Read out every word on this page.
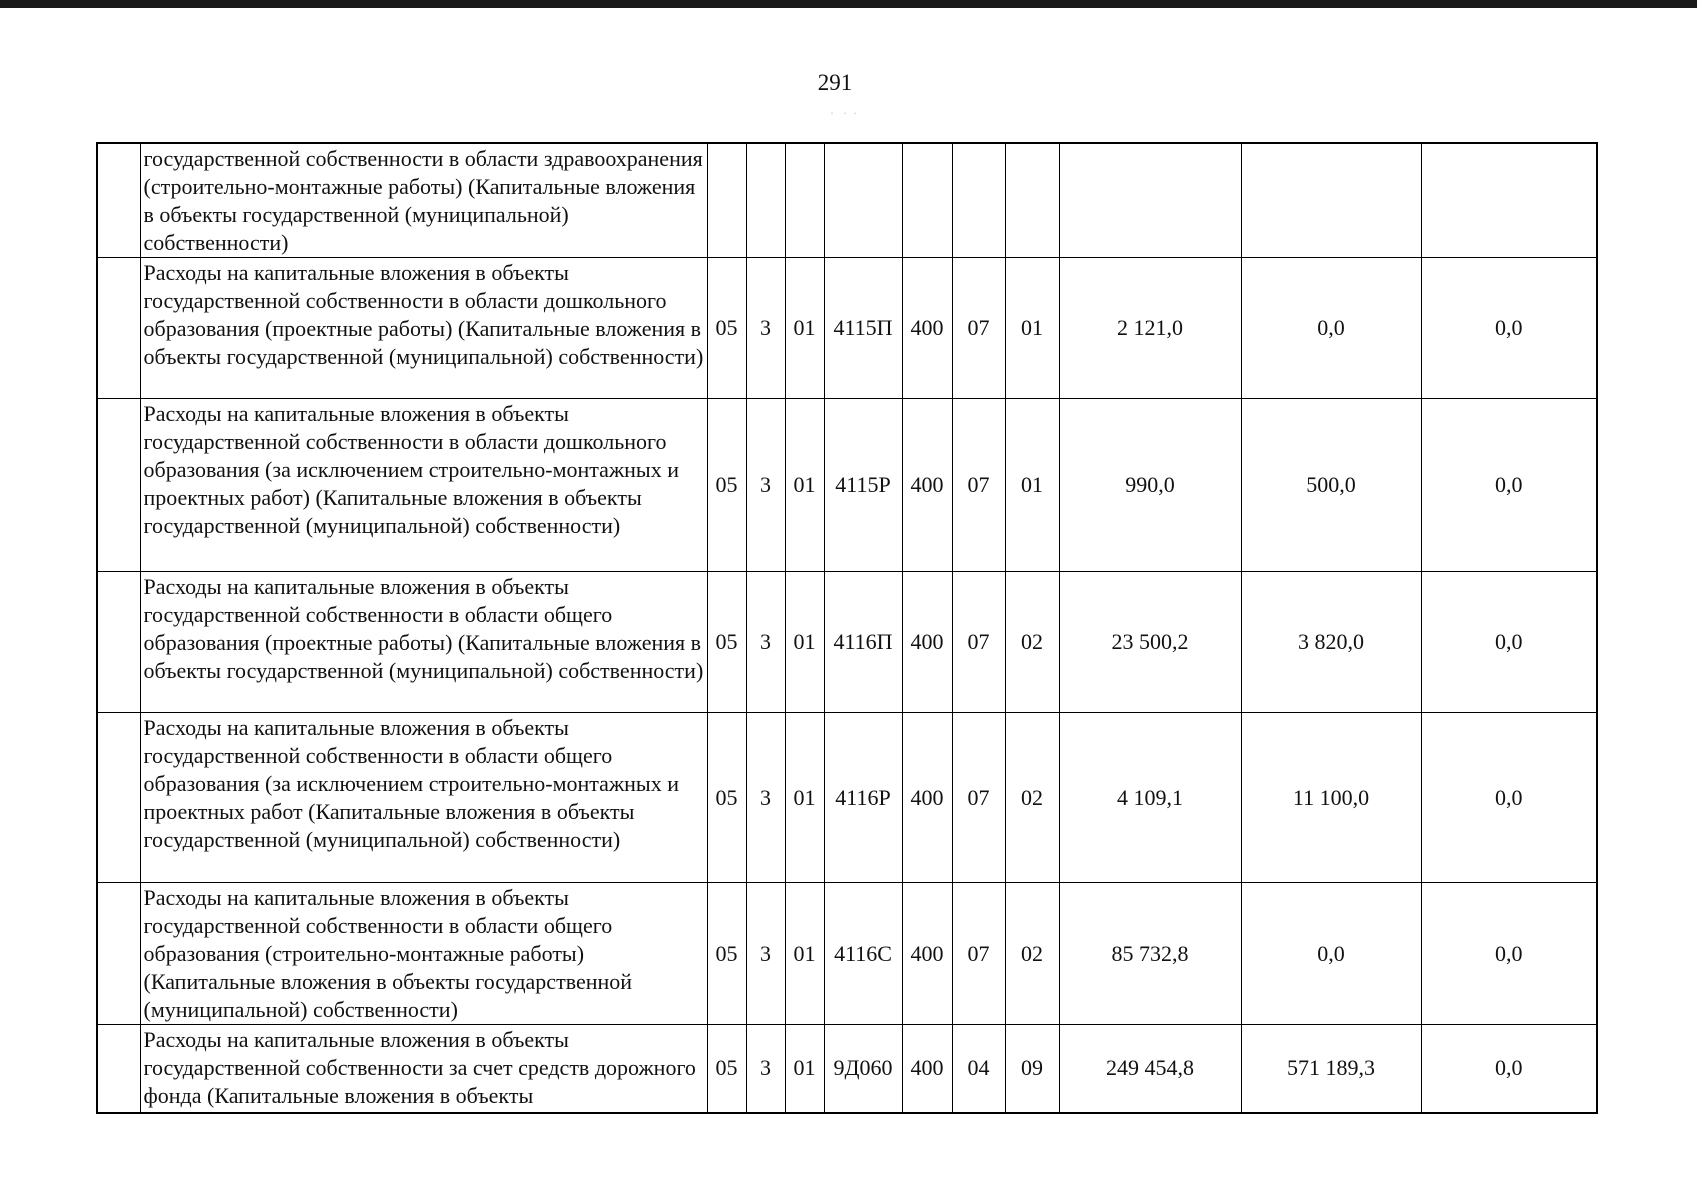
291
	государственной собственности в области здравоохранения (строительно-монтажные работы) (Капитальные вложения в объекты государственной (муниципальной) собственности)										
	Расходы на капитальные вложения в объекты государственной собственности в области дошкольного образования (проектные работы) (Капитальные вложения в объекты государственной (муниципальной) собственности)	05	3	01	4115П	400	07	01	2 121,0	0,0	0,0
	Расходы на капитальные вложения в объекты государственной собственности в области дошкольного образования (за исключением строительно-монтажных и проектных работ) (Капитальные вложения в объекты государственной (муниципальной) собственности)	05	3	01	4115Р	400	07	01	990,0	500,0	0,0
	Расходы на капитальные вложения в объекты государственной собственности в области общего образования (проектные работы) (Капитальные вложения в объекты государственной (муниципальной) собственности)	05	3	01	4116П	400	07	02	23 500,2	3 820,0	0,0
	Расходы на капитальные вложения в объекты государственной собственности в области общего образования (за исключением строительно-монтажных и проектных работ (Капитальные вложения в объекты государственной (муниципальной) собственности)	05	3	01	4116Р	400	07	02	4 109,1	11 100,0	0,0
	Расходы на капитальные вложения в объекты государственной собственности в области общего образования (строительно-монтажные работы) (Капитальные вложения в объекты государственной (муниципальной) собственности)	05	3	01	4116С	400	07	02	85 732,8	0,0	0,0
	Расходы на капитальные вложения в объекты государственной собственности за счет средств дорожного фонда (Капитальные вложения в объекты	05	3	01	9Д060	400	04	09	249 454,8	571 189,3	0,0
·   ·  ·
